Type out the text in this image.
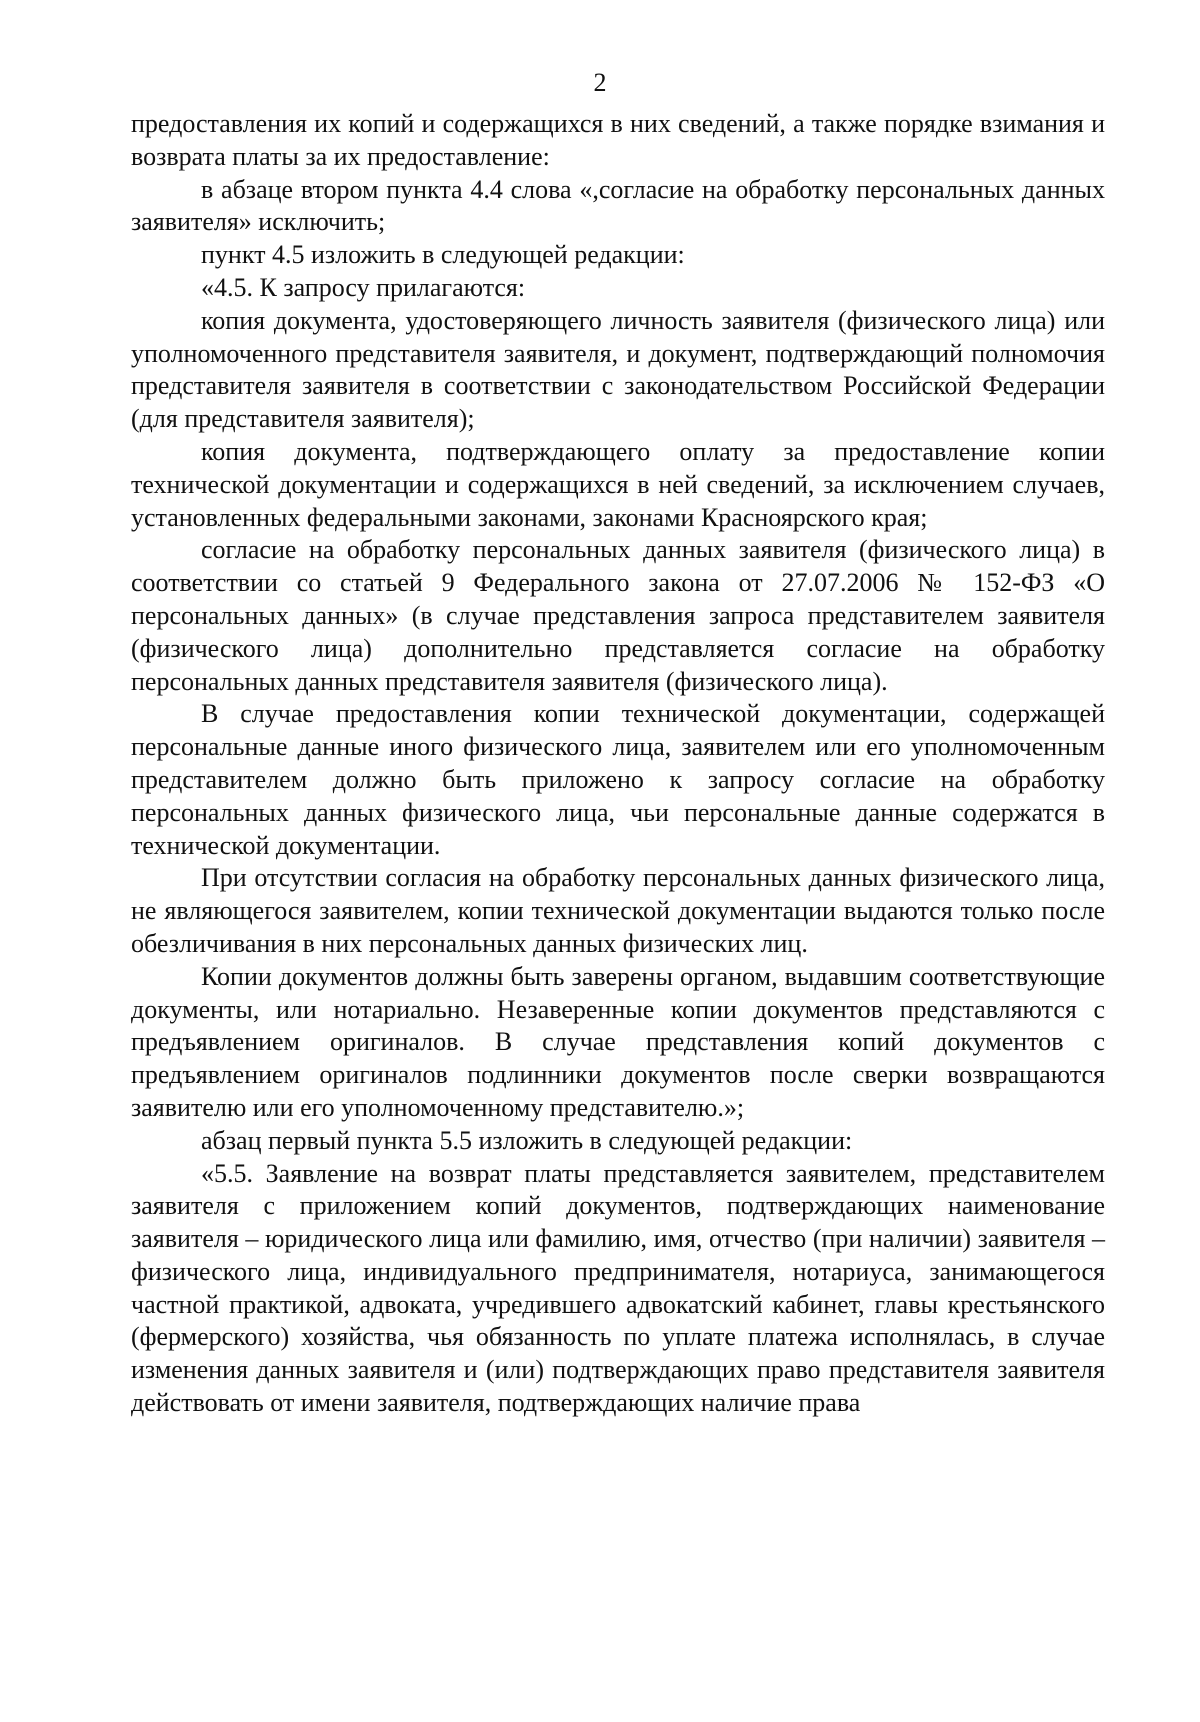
2

предоставления их копий и содержащихся в них сведений, а также порядке взимания и возврата платы за их предоставление:

в абзаце втором пункта 4.4 слова «,согласие на обработку персональных данных заявителя» исключить;

пункт 4.5 изложить в следующей редакции:

«4.5. К запросу прилагаются:

копия документа, удостоверяющего личность заявителя (физического лица) или уполномоченного представителя заявителя, и документ, подтверждающий полномочия представителя заявителя в соответствии с законодательством Российской Федерации (для представителя заявителя);

копия документа, подтверждающего оплату за предоставление копии технической документации и содержащихся в ней сведений, за исключением случаев, установленных федеральными законами, законами Красноярского края;

согласие на обработку персональных данных заявителя (физического лица) в соответствии со статьей 9 Федерального закона от 27.07.2006 № 152-ФЗ «О персональных данных» (в случае представления запроса представителем заявителя (физического лица) дополнительно представляется согласие на обработку персональных данных представителя заявителя (физического лица).

В случае предоставления копии технической документации, содержащей персональные данные иного физического лица, заявителем или его уполномоченным представителем должно быть приложено к запросу согласие на обработку персональных данных физического лица, чьи персональные данные содержатся в технической документации.

При отсутствии согласия на обработку персональных данных физического лица, не являющегося заявителем, копии технической документации выдаются только после обезличивания в них персональных данных физических лиц.

Копии документов должны быть заверены органом, выдавшим соответствующие документы, или нотариально. Незаверенные копии документов представляются с предъявлением оригиналов. В случае представления копий документов с предъявлением оригиналов подлинники документов после сверки возвращаются заявителю или его уполномоченному представителю.»;

абзац первый пункта 5.5 изложить в следующей редакции:

«5.5. Заявление на возврат платы представляется заявителем, представителем заявителя с приложением копий документов, подтверждающих наименование заявителя – юридического лица или фамилию, имя, отчество (при наличии) заявителя – физического лица, индивидуального предпринимателя, нотариуса, занимающегося частной практикой, адвоката, учредившего адвокатский кабинет, главы крестьянского (фермерского) хозяйства, чья обязанность по уплате платежа исполнялась, в случае изменения данных заявителя и (или) подтверждающих право представителя заявителя действовать от имени заявителя, подтверждающих наличие права
